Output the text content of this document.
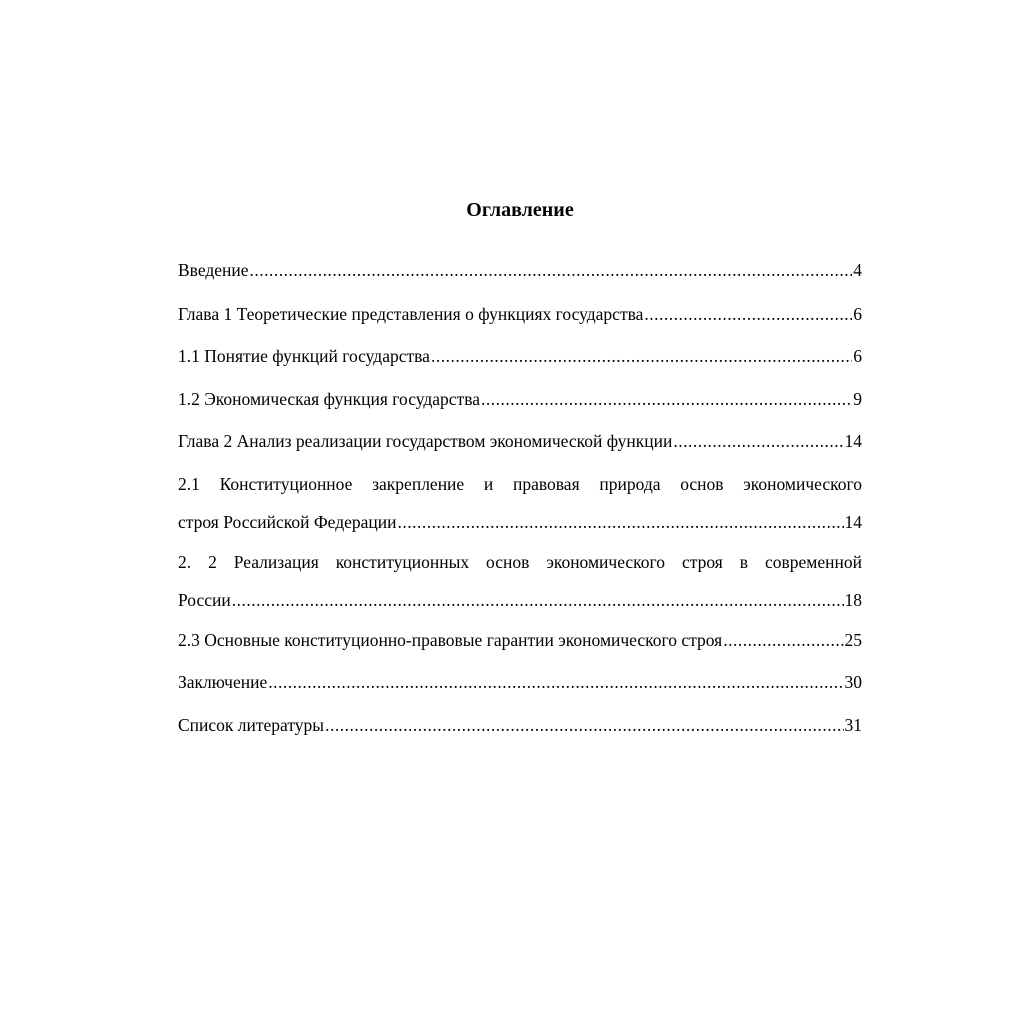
Оглавление
Введение .....	4
Глава 1 Теоретические представления о функциях государства .....	6
1.1 Понятие функций государства .....	6
1.2 Экономическая функция государства .....	9
Глава 2 Анализ реализации государством экономической функции .....	14
2.1 Конституционное закрепление и правовая природа основ экономического
строя Российской Федерации .....	14
2. 2 Реализация конституционных основ экономического строя в современной
России .....	18
2.3 Основные конституционно-правовые гарантии экономического строя .....	25
Заключение .....	30
Список литературы .....	31
